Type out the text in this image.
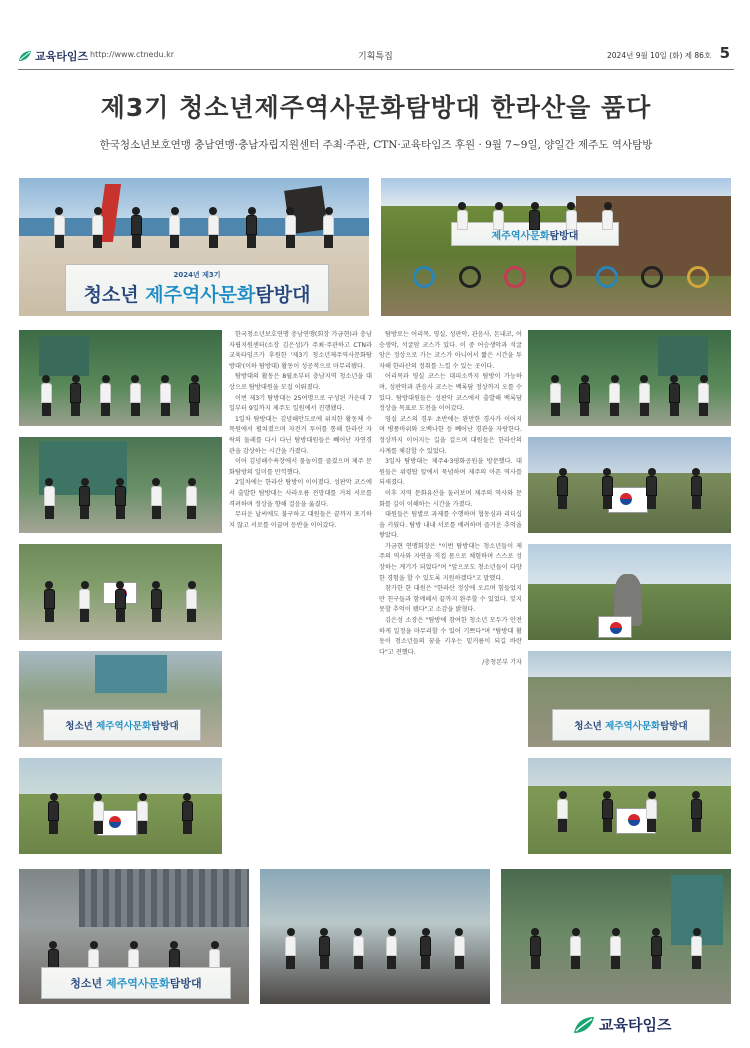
교육타임즈 http://www.ctnedu.kr	기획특집	2024년 9월 10일 (화) 제 86호 5
제3기 청소년제주역사문화탐방대 한라산을 품다
한국청소년보호연맹 충남연맹·충남자립지원센터 주최·주관, CTN·교육타임즈 후원 · 9월 7~9일, 양일간 제주도 역사탐방
2024년 제3기
청소년 제주역사문화탐방대
제주역사문화탐방대
청소년 제주역사문화탐방대	청소년 제주역사문화탐방대

한국청소년보호연맹 충남연맹(회장 가금현)과 충남자립지원센터(소장 김은성)가 주최·주관하고 CTN과 교육타임즈가 후원한 '제3기 청소년제주역사문화탐방대'(이하 탐방대) 활동이 성공적으로 마무리됐다.

탐방대의 활동은 8월초부터 충남지역 청소년을 대상으로 탐방대원을 모집 이뤄졌다.

이번 제3기 탐방대는 25여명으로 구성된 가운데 7일부터 9일까지 제주도 일원에서 진행됐다.

1일차 탐방대는 김녕해안도로에 위치한 활동체 수목원에서 펼쳐졌으며 자전거 투어를 통해 한라산 자락의 둘레를 다시 다닌 탐방대원들은 빼어난 자연경관을 감상하는 시간을 가졌다.

이어 김녕해수욕장에서 물놀이를 즐겼으며 제주 문화탐방의 일미를 만끽했다.

2일차에는 한라산 탐방이 이어졌다. 성판악 코스에서 출발한 탐방대는 사라오름 전망대를 거쳐 서로를 격려하며 정상을 향해 걸음을 옮겼다.

무더운 날씨에도 불구하고 대원들은 끝까지 포기하지 않고 서로를 이끌며 등반을 이어갔다.

탐방로는 어리목, 영실, 성판악, 관음사, 돈내코, 어승생악, 석굴암 코스가 있다. 이 중 어승생악과 석굴암은 정상으로 가는 코스가 아니어서 짧은 시간을 투자해 한라산의 정취를 느낄 수 있는 곳이다.

어리목과 영실 코스는 대피소까지 탐방이 가능하며, 성판악과 관음사 코스는 백록담 정상까지 오를 수 있다. 탐방대원들은 성판악 코스에서 출발해 백록담 정상을 목표로 도전을 이어갔다.

영실 코스의 경우 초반에는 완만한 경사가 이어지며 병풍바위와 오백나한 등 빼어난 경관을 자랑한다. 정상까지 이어지는 길을 걸으며 대원들은 한라산의 사계를 체감할 수 있었다.

3일차 탐방대는 제주4·3평화공원을 방문했다. 대원들은 위령탑 앞에서 묵념하며 제주의 아픈 역사를 되새겼다.

이후 지역 문화유산을 둘러보며 제주의 역사와 문화를 깊이 이해하는 시간을 가졌다.

대원들은 팀별로 과제를 수행하며 협동심과 리더십을 키웠다. 탐방 내내 서로를 배려하며 즐거운 추억을 쌓았다.

가금현 연맹회장은 "이번 탐방대는 청소년들이 제주의 역사와 자연을 직접 몸으로 체험하며 스스로 성장하는 계기가 되었다"며 "앞으로도 청소년들이 다양한 경험을 할 수 있도록 지원하겠다"고 말했다.

참가한 한 대원은 "한라산 정상에 오르며 힘들었지만 친구들과 함께해서 끝까지 완주할 수 있었다. 잊지 못할 추억이 됐다"고 소감을 밝혔다.

김은성 소장은 "탐방에 참여한 청소년 모두가 안전하게 일정을 마무리할 수 있어 기쁘다"며 "탐방대 활동이 청소년들의 꿈을 키우는 밑거름이 되길 바란다"고 전했다.

/충청본부 기자

청소년 제주역사문화탐방대
교육타임즈
